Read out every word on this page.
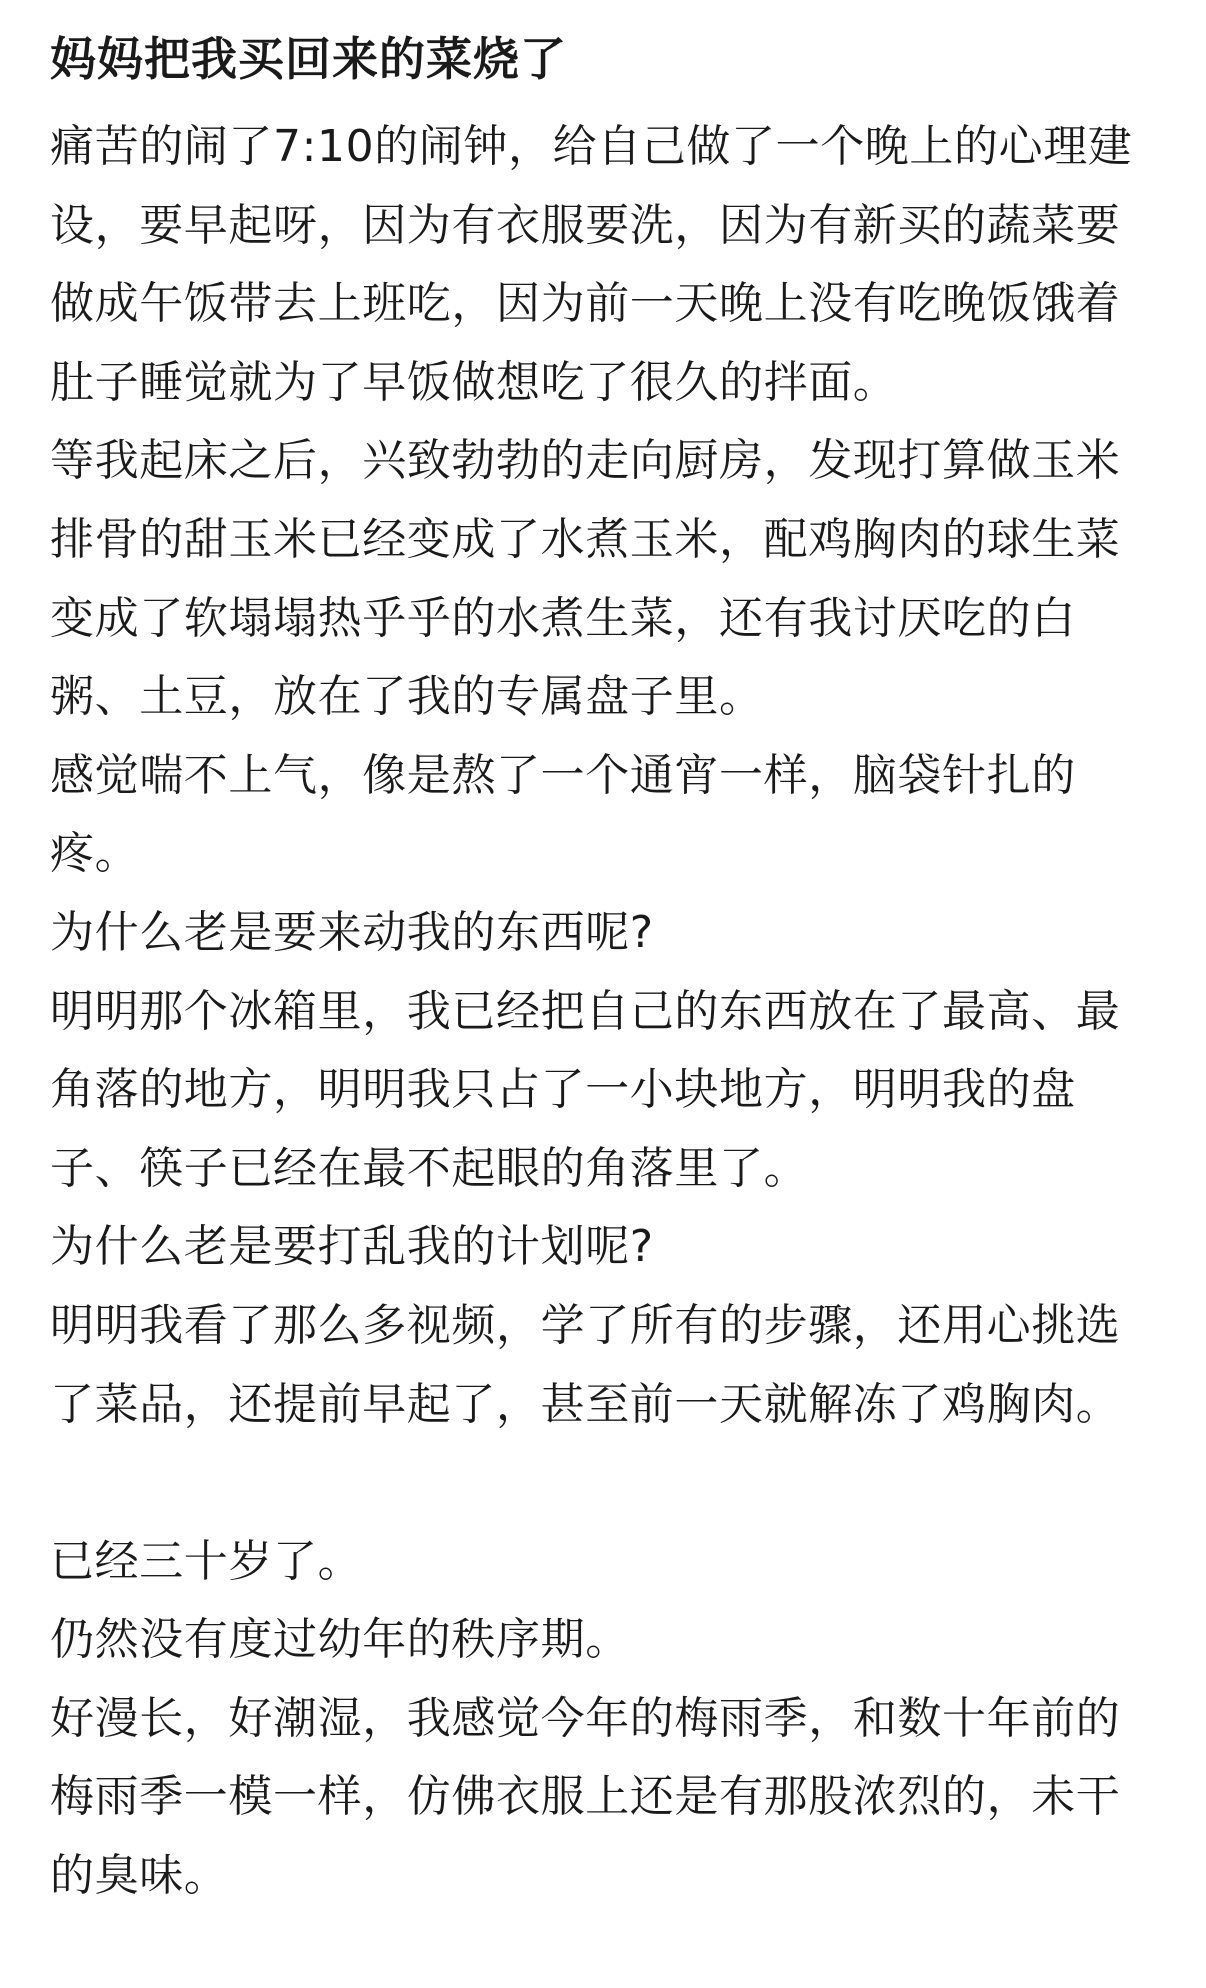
妈妈把我买回来的菜烧了

痛苦的闹了7:10的闹钟，给自己做了一个晚上的心理建设，要早起呀，因为有衣服要洗，因为有新买的蔬菜要做成午饭带去上班吃，因为前一天晚上没有吃晚饭饿着肚子睡觉就为了早饭做想吃了很久的拌面。

等我起床之后，兴致勃勃的走向厨房，发现打算做玉米排骨的甜玉米已经变成了水煮玉米，配鸡胸肉的球生菜变成了软塌塌热乎乎的水煮生菜，还有我讨厌吃的白粥、土豆，放在了我的专属盘子里。

感觉喘不上气，像是熬了一个通宵一样，脑袋针扎的疼。

为什么老是要来动我的东西呢?

明明那个冰箱里，我已经把自己的东西放在了最高、最角落的地方，明明我只占了一小块地方，明明我的盘子、筷子已经在最不起眼的角落里了。

为什么老是要打乱我的计划呢?

明明我看了那么多视频，学了所有的步骤，还用心挑选了菜品，还提前早起了，甚至前一天就解冻了鸡胸肉。

已经三十岁了。

仍然没有度过幼年的秩序期。

好漫长，好潮湿，我感觉今年的梅雨季，和数十年前的梅雨季一模一样，仿佛衣服上还是有那股浓烈的，未干的臭味。
